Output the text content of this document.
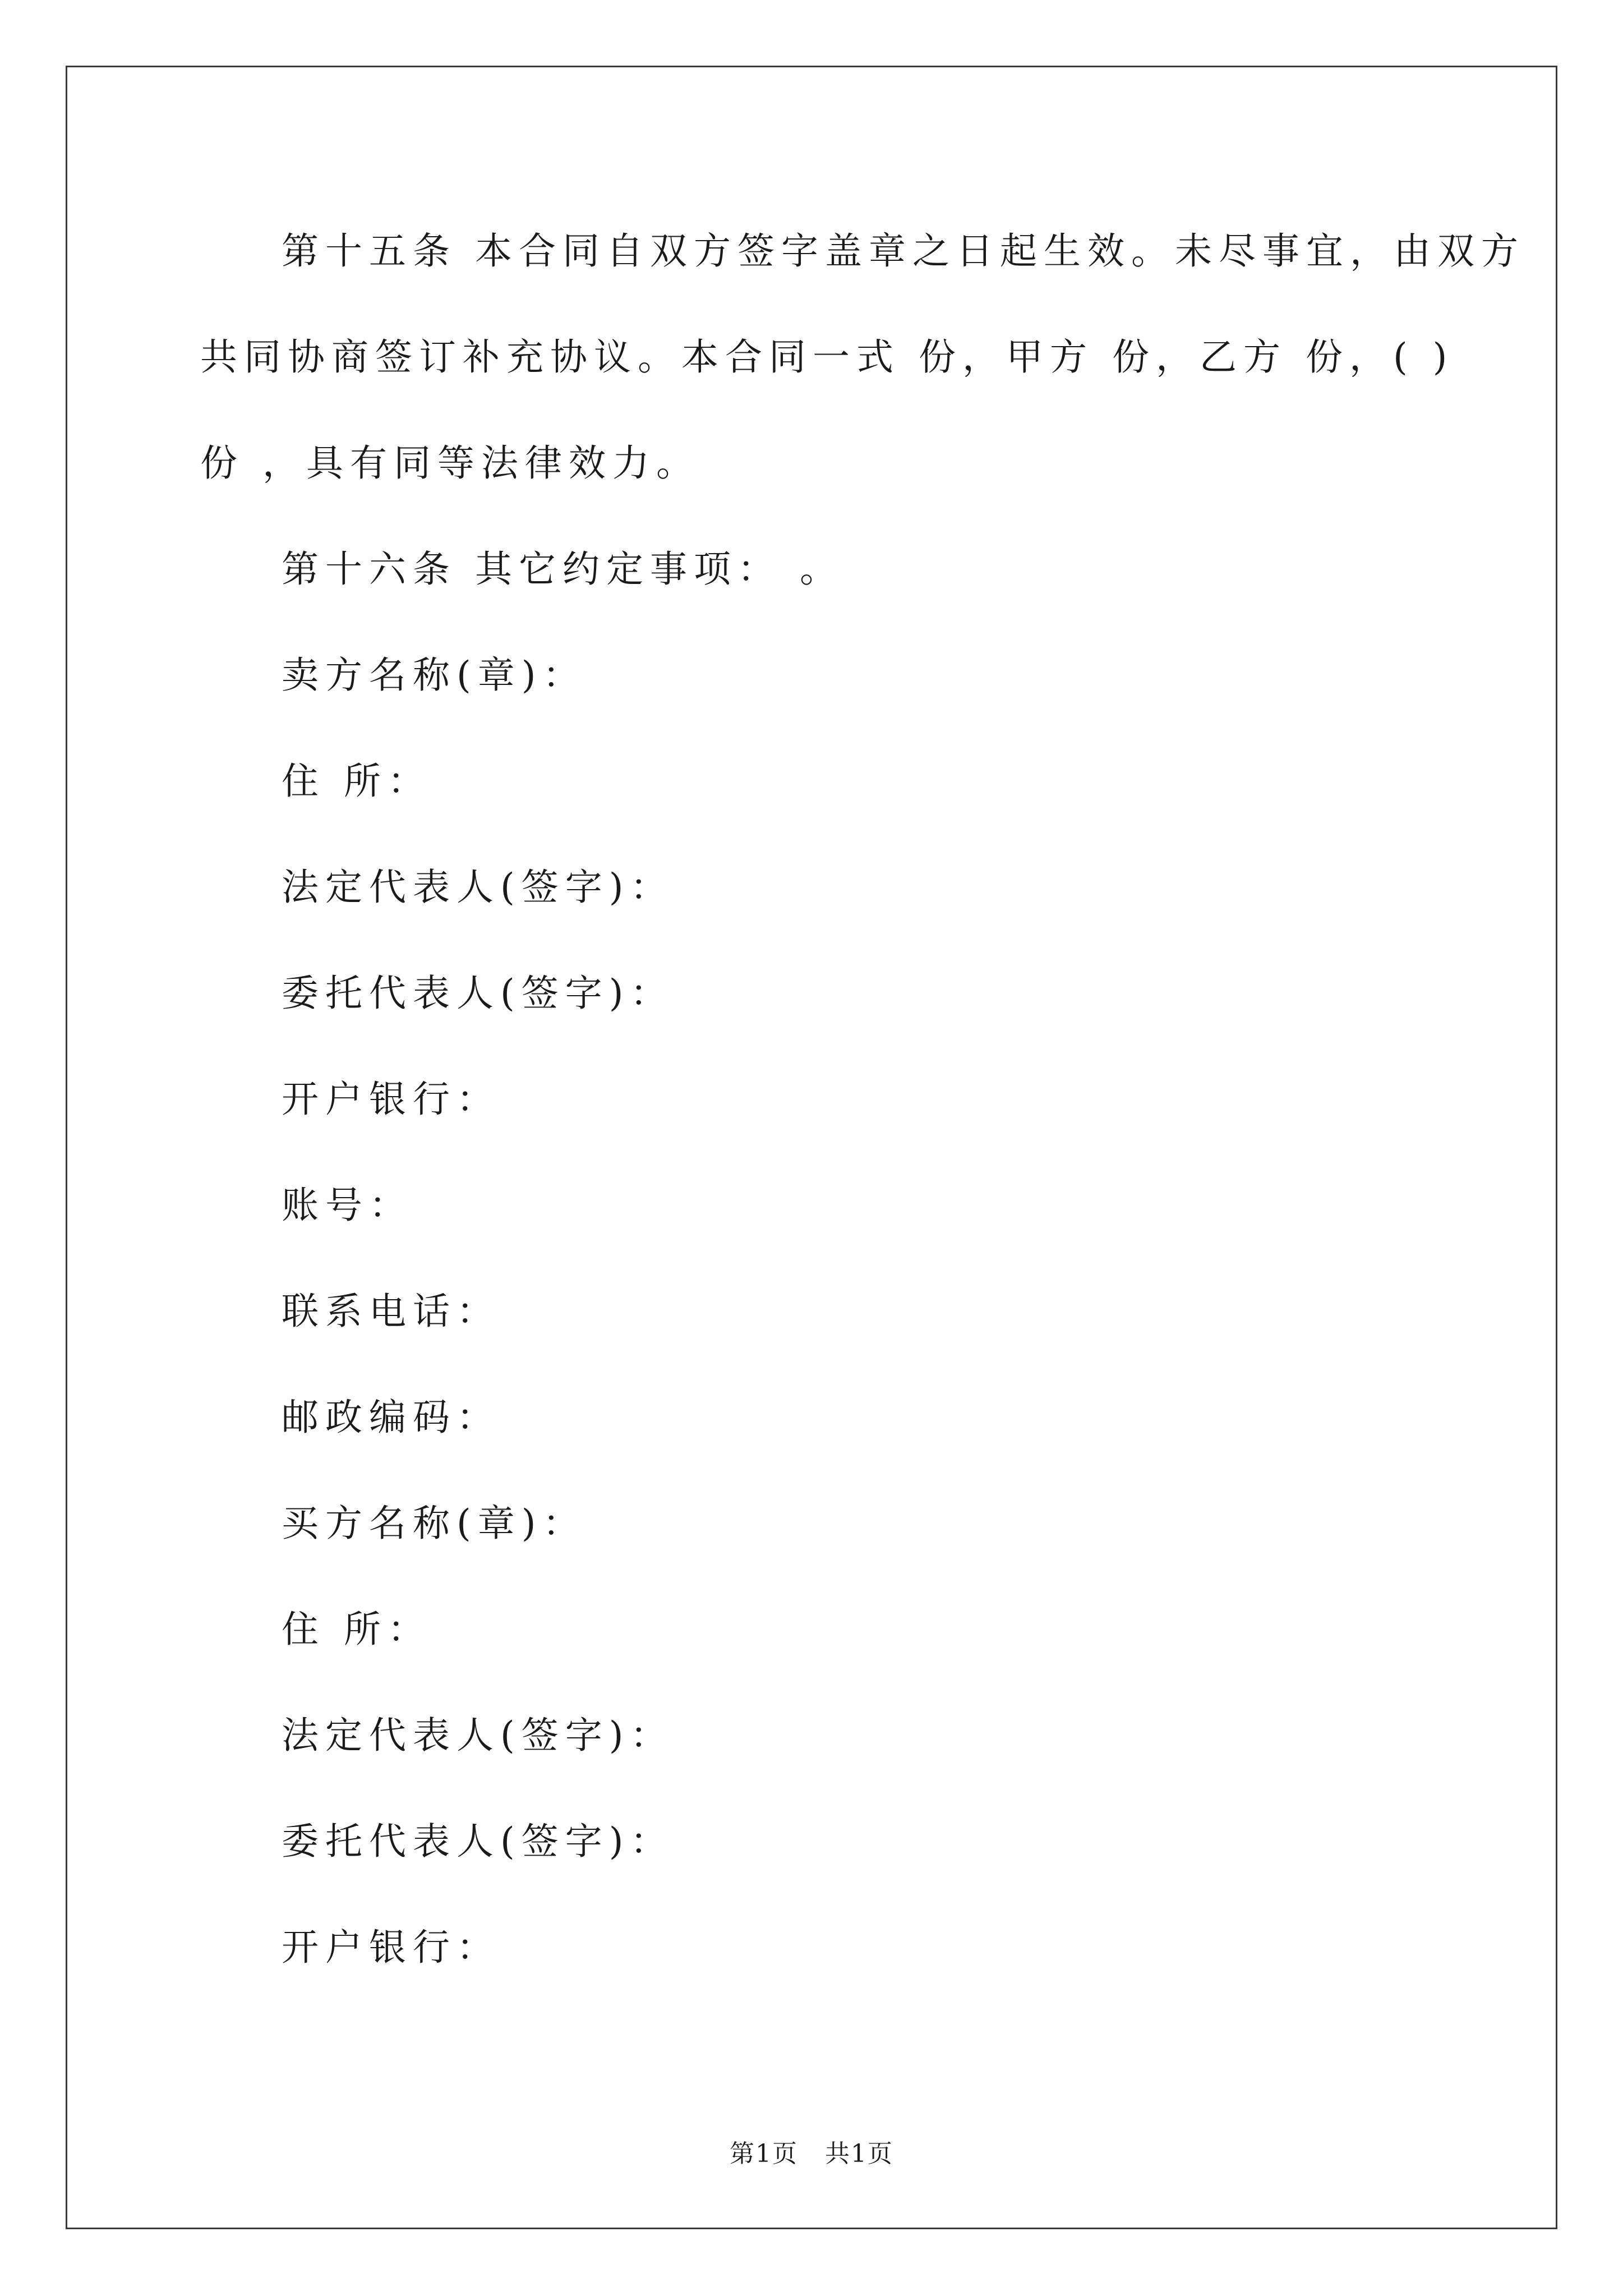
第十五条 本合同自双方签字盖章之日起生效。未尽事宜，由双方
共同协商签订补充协议。本合同一式 份，甲方 份，乙方 份，( )
份 ，具有同等法律效力。
第十六条 其它约定事项： 。
卖方名称(章)：
住 所：
法定代表人(签字)：
委托代表人(签字)：
开户银行：
账号：
联系电话：
邮政编码：
买方名称(章)：
住 所：
法定代表人(签字)：
委托代表人(签字)：
开户银行：
第1页   共1页
